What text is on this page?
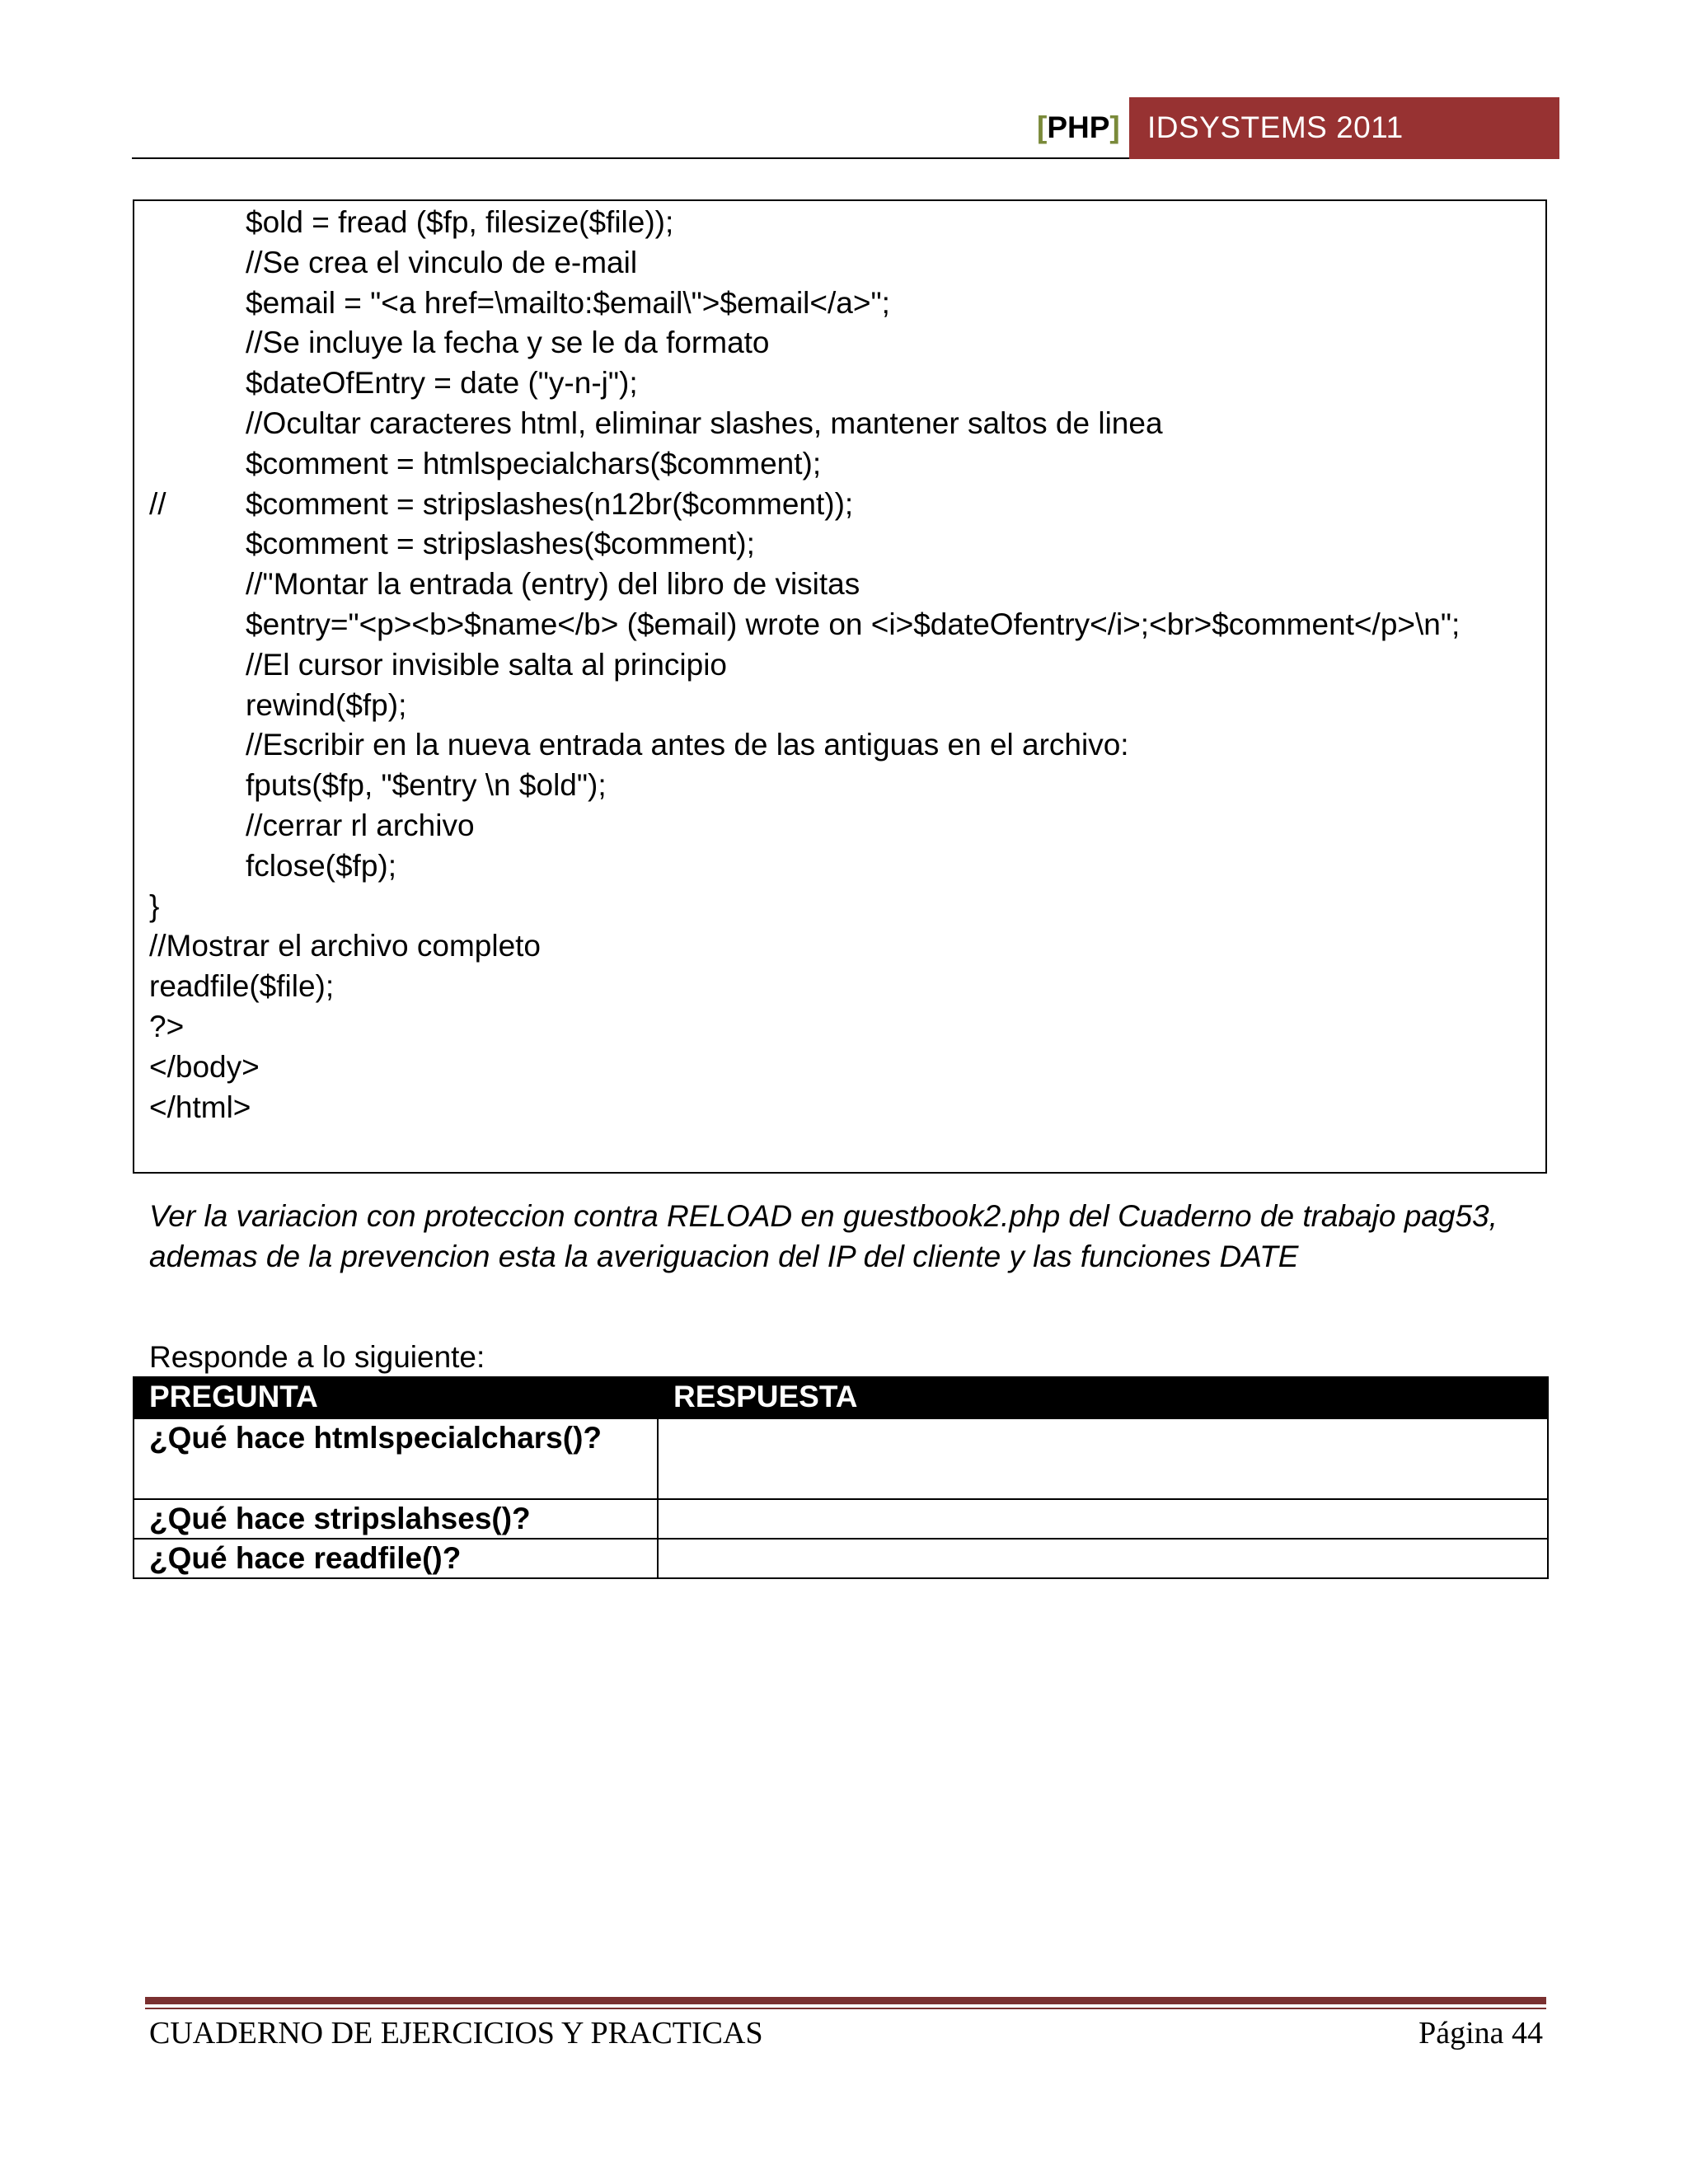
[PHP] IDSYSTEMS 2011
$old = fread ($fp, filesize($file));
//Se crea el vinculo de e-mail
$email = "<a href=\mailto:$email\">$email</a>";
//Se incluye la fecha y se le da formato
$dateOfEntry = date ("y-n-j");
//Ocultar caracteres html, eliminar slashes, mantener saltos de linea
$comment = htmlspecialchars($comment);
//	$comment = stripslashes(n12br($comment));
$comment = stripslashes($comment);
//"Montar la entrada (entry) del libro de visitas
$entry="<p><b>$name</b> ($email) wrote on <i>$dateOfentry</i>;<br>$comment</p>\n";
//El cursor invisible salta al principio
rewind($fp);
//Escribir en la nueva entrada antes de las antiguas en el archivo:
fputs($fp, "$entry \n $old");
//cerrar rl archivo
fclose($fp);
}
//Mostrar el archivo completo
readfile($file);
?>
</body>
</html>
Ver la variacion con proteccion contra RELOAD en guestbook2.php del Cuaderno de trabajo pag53,
ademas de la prevencion esta la averiguacion del IP del cliente y las funciones DATE
Responde a lo siguiente:
PREGUNTA	RESPUESTA
¿Qué hace htmlspecialchars()?	
¿Qué hace stripslahses()?	
¿Qué hace readfile()?	
CUADERNO DE EJERCICIOS Y PRACTICAS	Página 44
